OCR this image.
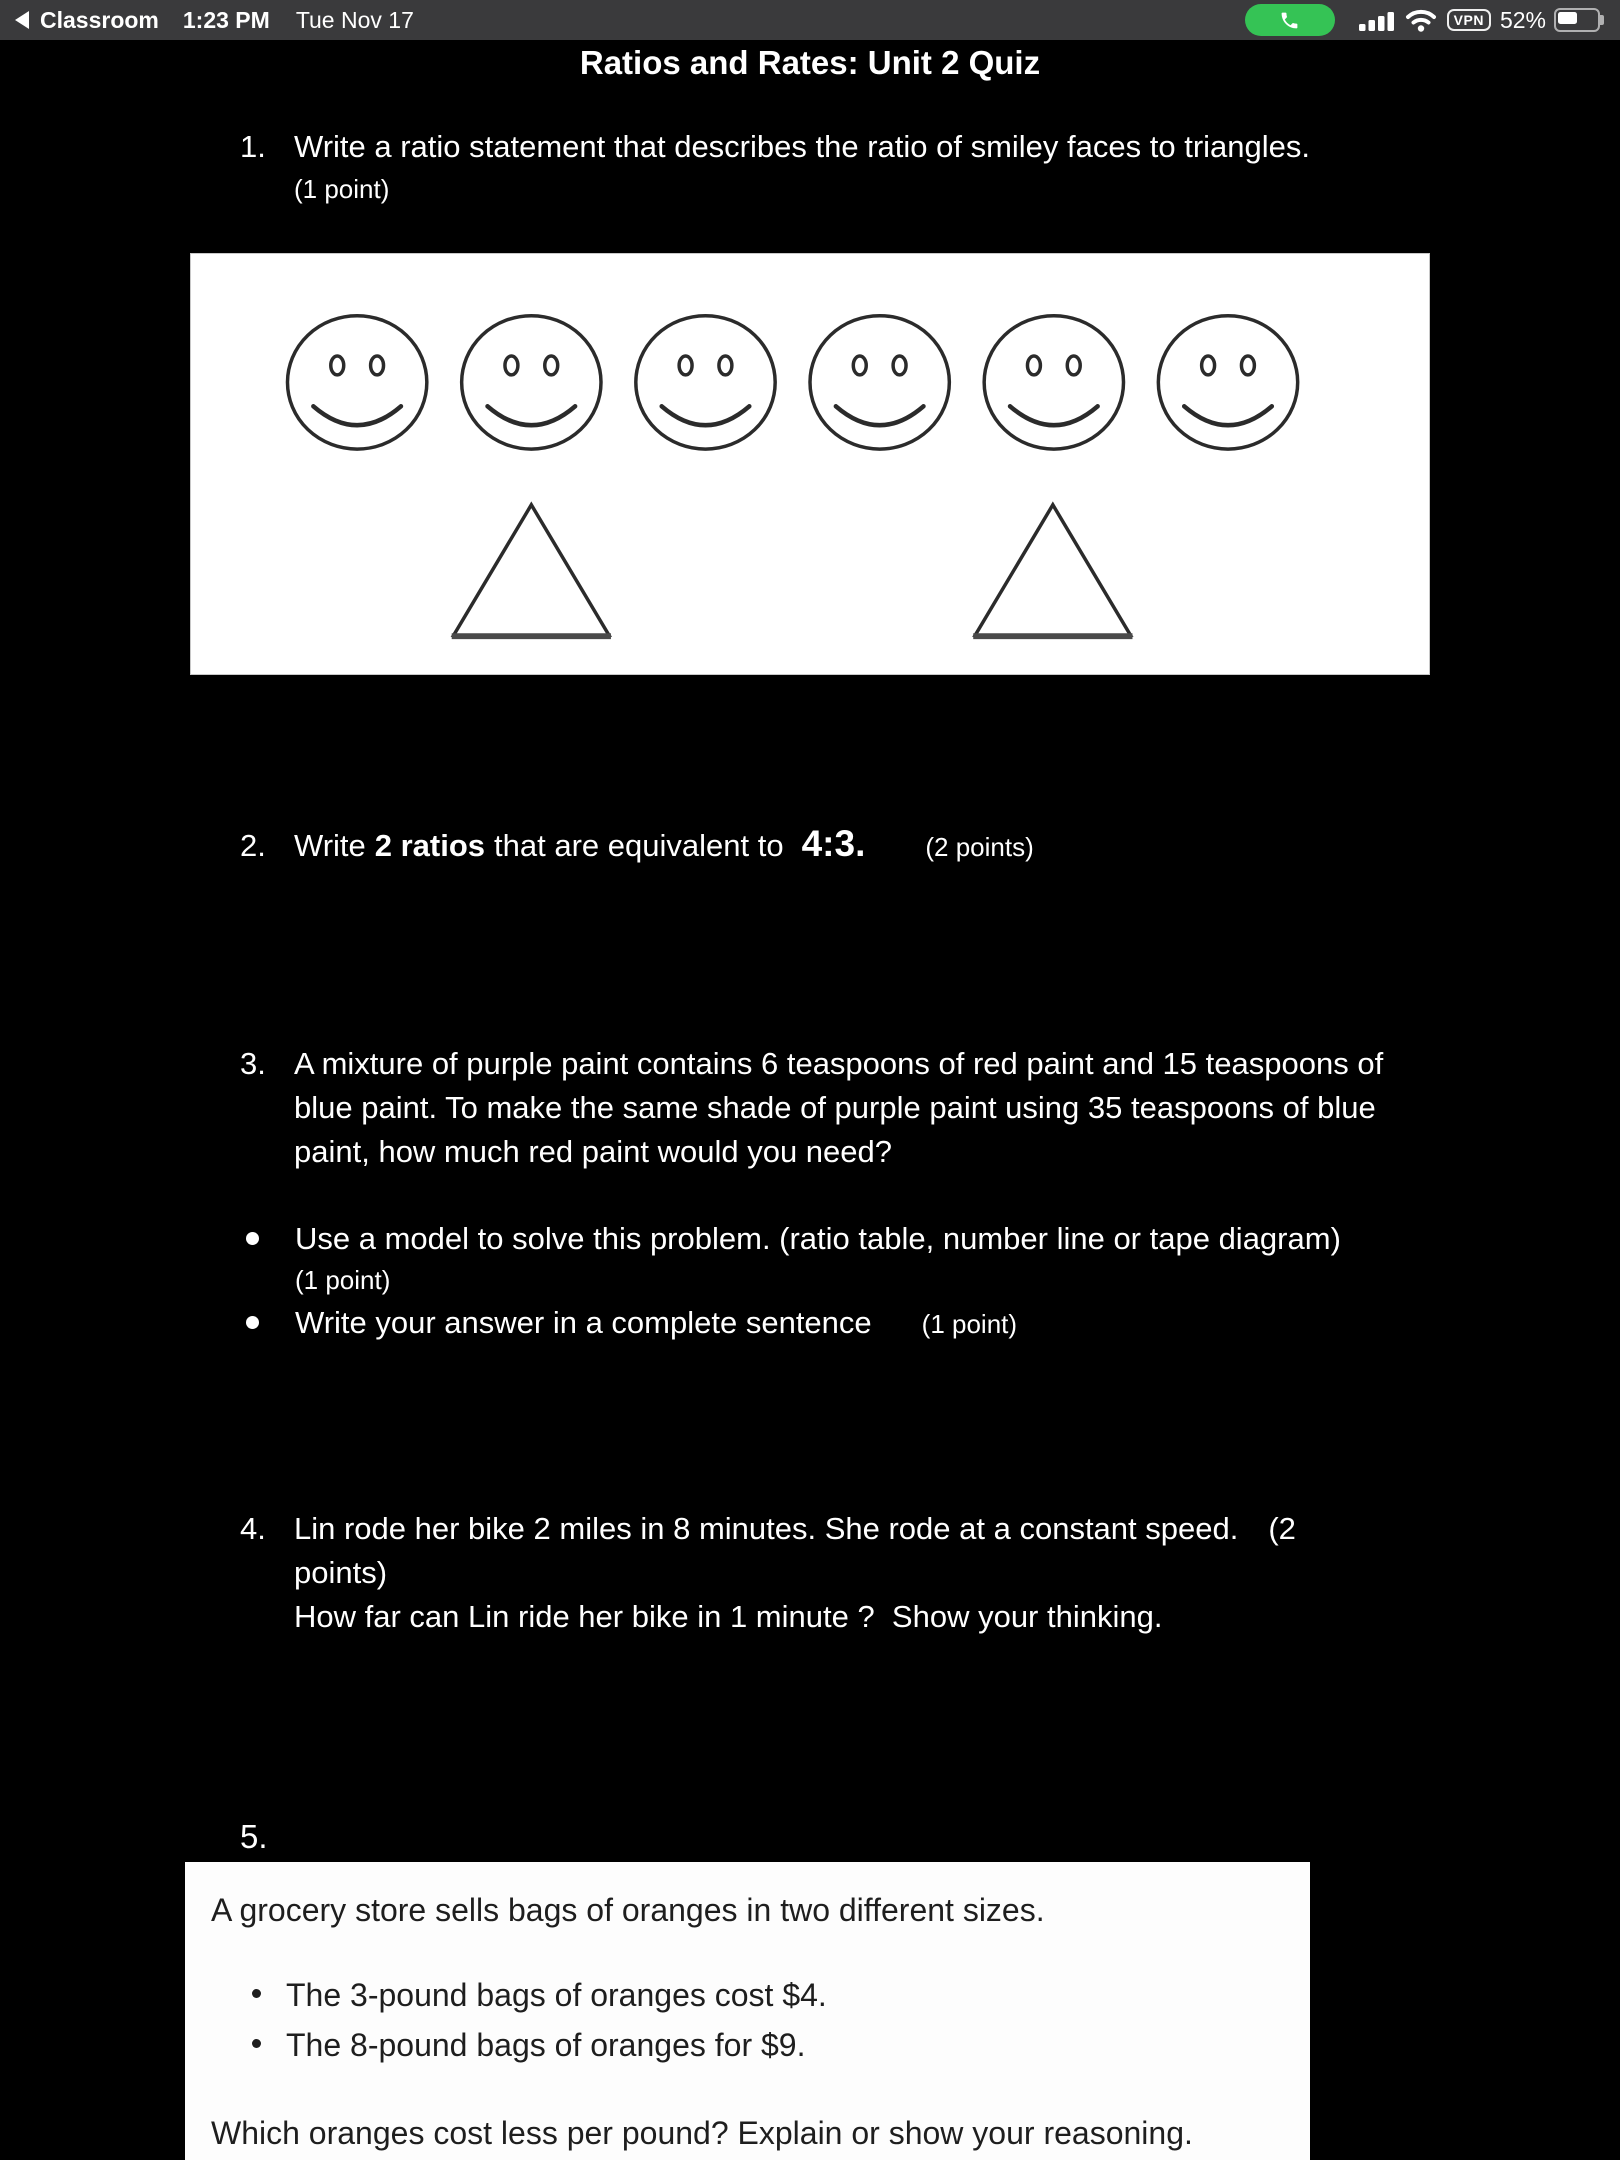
Classroom 1:23 PM Tue Nov 17	VPN 52%
Ratios and Rates: Unit 2 Quiz
1. Write a ratio statement that describes the ratio of smiley faces to triangles.
(1 point)
2. Write 2 ratios that are equivalent to 4:3. (2 points)
3. A mixture of purple paint contains 6 teaspoons of red paint and 15 teaspoons of blue paint. To make the same shade of purple paint using 35 teaspoons of blue paint, how much red paint would you need?
Use a model to solve this problem. (ratio table, number line or tape diagram)
(1 point)
Write your answer in a complete sentence (1 point)
4. Lin rode her bike 2 miles in 8 minutes. She rode at a constant speed. (2
points)
How far can Lin ride her bike in 1 minute ?  Show your thinking.
5.
A grocery store sells bags of oranges in two different sizes.
The 3-pound bags of oranges cost $4.
The 8-pound bags of oranges for $9.
Which oranges cost less per pound? Explain or show your reasoning.
